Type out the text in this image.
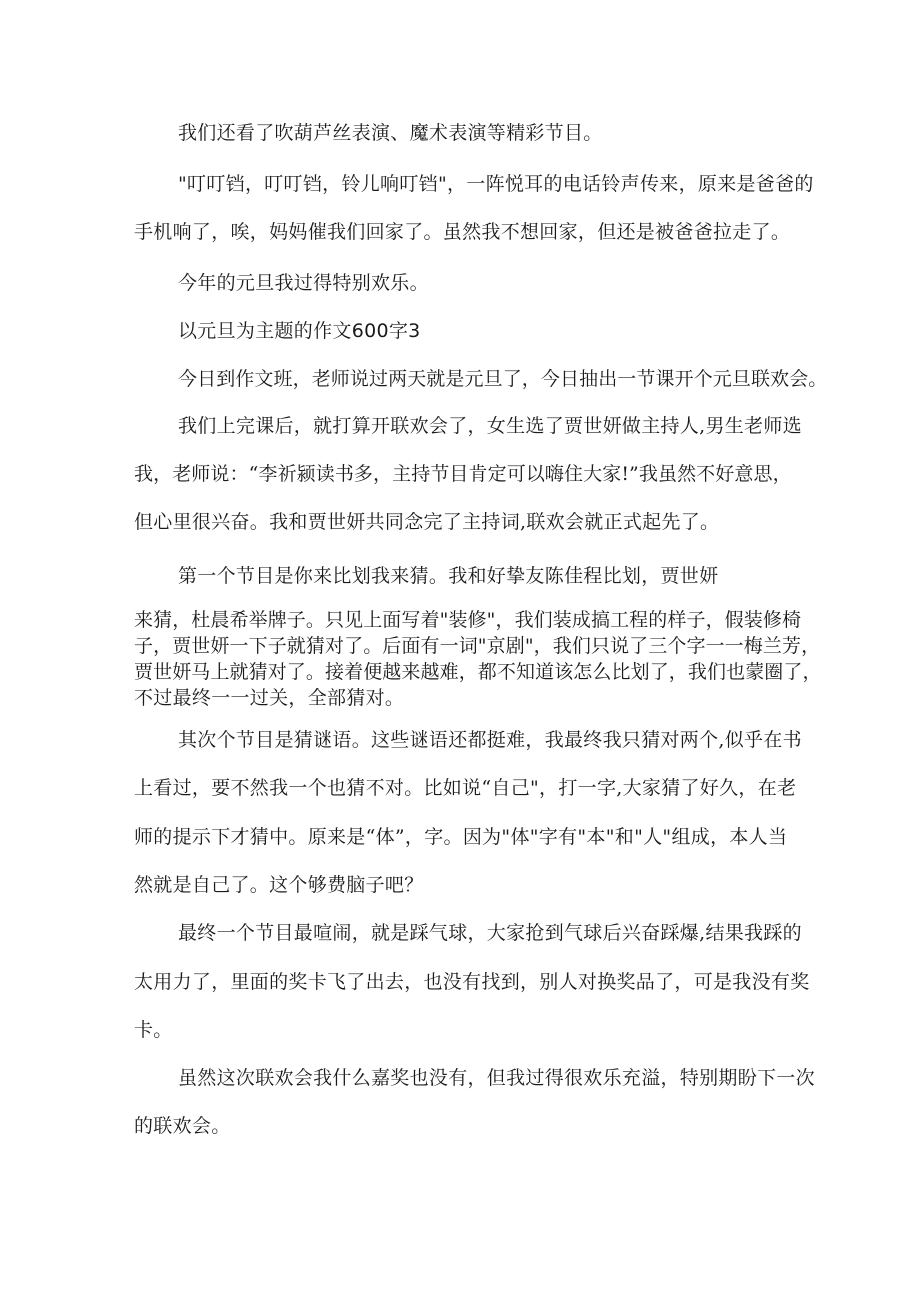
我们还看了吹葫芦丝表演、魔术表演等精彩节目。
"叮叮铛，叮叮铛，铃儿响叮铛"，一阵悦耳的电话铃声传来，原来是爸爸的
手机响了，唉，妈妈催我们回家了。虽然我不想回家，但还是被爸爸拉走了。
今年的元旦我过得特别欢乐。
以元旦为主题的作文600字3
今日到作文班，老师说过两天就是元旦了，今日抽出一节课开个元旦联欢会。
我们上完课后，就打算开联欢会了，女生选了贾世妍做主持人,男生老师选
我，老师说：“李祈颍读书多，主持节目肯定可以嗨住大家!”我虽然不好意思，
但心里很兴奋。我和贾世妍共同念完了主持词,联欢会就正式起先了。
第一个节目是你来比划我来猜。我和好挚友陈佳程比划，贾世妍
来猜，杜晨希举牌子。只见上面写着"装修"，我们装成搞工程的样子，假装修椅
子，贾世妍一下子就猜对了。后面有一词"京剧"，我们只说了三个字一一梅兰芳，
贾世妍马上就猜对了。接着便越来越难，都不知道该怎么比划了，我们也蒙圈了，
不过最终一一过关，全部猜对。
其次个节目是猜谜语。这些谜语还都挺难，我最终我只猜对两个,似乎在书
上看过，要不然我一个也猜不对。比如说“自己"，打一字,大家猜了好久，在老
师的提示下才猜中。原来是“体”，字。因为"体"字有"本"和"人"组成，本人当
然就是自己了。这个够费脑子吧？
最终一个节目最喧闹，就是踩气球，大家抢到气球后兴奋踩爆,结果我踩的
太用力了，里面的奖卡飞了出去，也没有找到，别人对换奖品了，可是我没有奖
卡。
虽然这次联欢会我什么嘉奖也没有，但我过得很欢乐充溢，特别期盼下一次
的联欢会。
